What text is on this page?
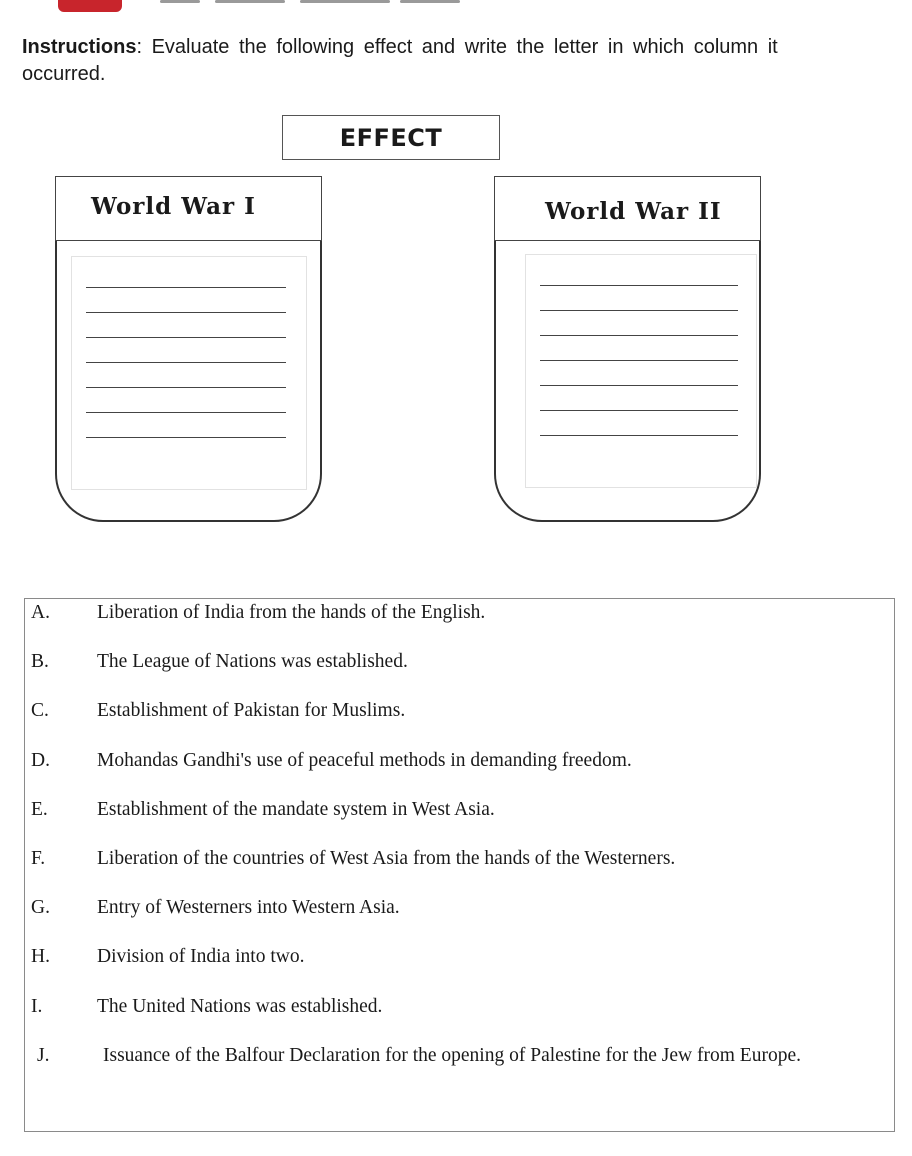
Instructions: Evaluate the following effect and write the letter in which column it occurred.
EFFECT
World War I	World War II
A. Liberation of India from the hands of the English.
B. The League of Nations was established.
C. Establishment of Pakistan for Muslims.
D. Mohandas Gandhi's use of peaceful methods in demanding freedom.
E.	Establishment of the mandate system in West Asia.
F.	Liberation of the countries of West Asia from the hands of the Westerners.
G. Entry of Westerners into Western Asia.
H. Division of India into two.
I.	The United Nations was established.
J.	Issuance of the Balfour Declaration for the opening of Palestine for the Jew from Europe.
